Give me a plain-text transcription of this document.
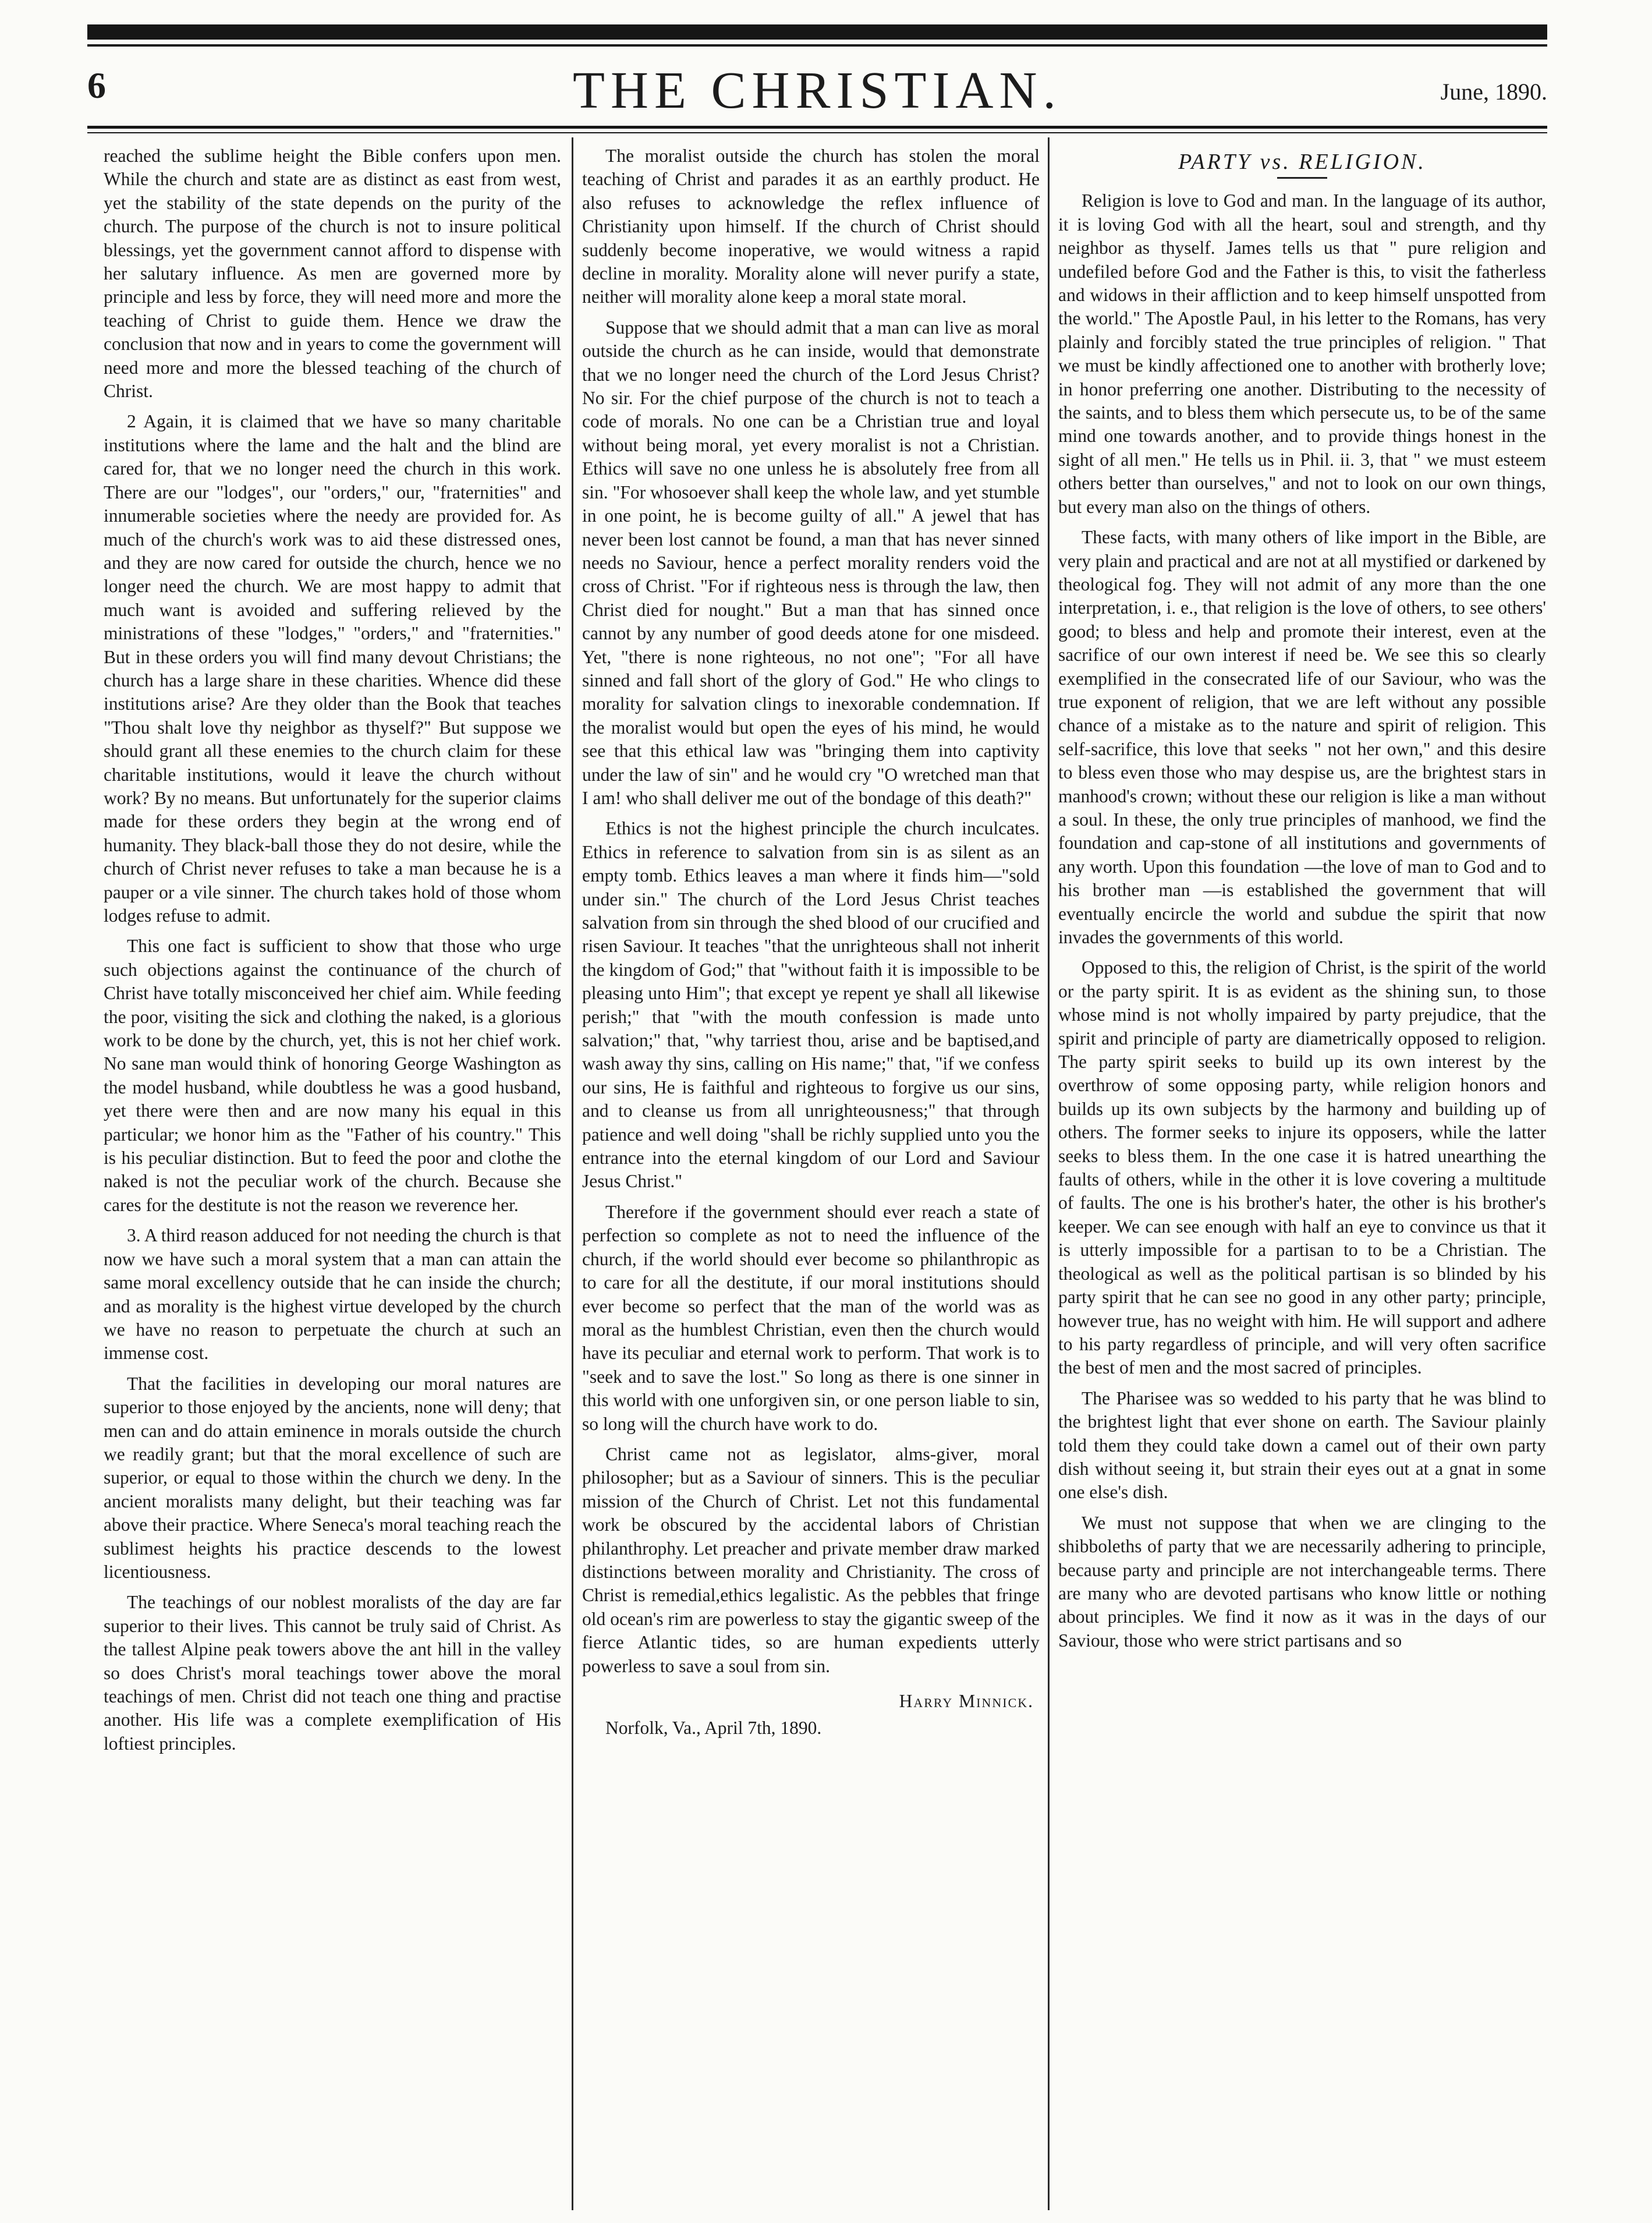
6	THE CHRISTIAN.	June, 1890.

reached the sublime height the Bible confers upon men. While the church and state are as distinct as east from west, yet the stability of the state depends on the purity of the church. The purpose of the church is not to insure political blessings, yet the government cannot afford to dispense with her salutary influence. As men are governed more by principle and less by force, they will need more and more the teaching of Christ to guide them. Hence we draw the conclusion that now and in years to come the government will need more and more the blessed teaching of the church of Christ.

2 Again, it is claimed that we have so many charitable institutions where the lame and the halt and the blind are cared for, that we no longer need the church in this work. There are our "lodges", our "orders," our, "fraternities" and innumerable societies where the needy are provided for. As much of the church's work was to aid these distressed ones, and they are now cared for outside the church, hence we no longer need the church. We are most happy to admit that much want is avoided and suffering relieved by the ministrations of these "lodges," "orders," and "fraternities." But in these orders you will find many devout Christians; the church has a large share in these charities. Whence did these institutions arise? Are they older than the Book that teaches "Thou shalt love thy neighbor as thyself?" But suppose we should grant all these enemies to the church claim for these charitable institutions, would it leave the church without work? By no means. But unfortunately for the superior claims made for these orders they begin at the wrong end of humanity. They black-ball those they do not desire, while the church of Christ never refuses to take a man because he is a pauper or a vile sinner. The church takes hold of those whom lodges refuse to admit.

This one fact is sufficient to show that those who urge such objections against the continuance of the church of Christ have totally misconceived her chief aim. While feeding the poor, visiting the sick and clothing the naked, is a glorious work to be done by the church, yet, this is not her chief work. No sane man would think of honoring George Washington as the model husband, while doubtless he was a good husband, yet there were then and are now many his equal in this particular; we honor him as the "Father of his country." This is his peculiar distinction. But to feed the poor and clothe the naked is not the peculiar work of the church. Because she cares for the destitute is not the reason we reverence her.

3. A third reason adduced for not needing the church is that now we have such a moral system that a man can attain the same moral excellency outside that he can inside the church; and as morality is the highest virtue developed by the church we have no reason to perpetuate the church at such an immense cost.

That the facilities in developing our moral natures are superior to those enjoyed by the ancients, none will deny; that men can and do attain eminence in morals outside the church we readily grant; but that the moral excellence of such are superior, or equal to those within the church we deny. In the ancient moralists many delight, but their teaching was far above their practice. Where Seneca's moral teaching reach the sublimest heights his practice descends to the lowest licentiousness.

The teachings of our noblest moralists of the day are far superior to their lives. This cannot be truly said of Christ. As the tallest Alpine peak towers above the ant hill in the valley so does Christ's moral teachings tower above the moral teachings of men. Christ did not teach one thing and practise another. His life was a complete exemplification of His loftiest principles.

The moralist outside the church has stolen the moral teaching of Christ and parades it as an earthly product. He also refuses to acknowledge the reflex influence of Christianity upon himself. If the church of Christ should suddenly become inoperative, we would witness a rapid decline in morality. Morality alone will never purify a state, neither will morality alone keep a moral state moral.

Suppose that we should admit that a man can live as moral outside the church as he can inside, would that demonstrate that we no longer need the church of the Lord Jesus Christ? No sir. For the chief purpose of the church is not to teach a code of morals. No one can be a Christian true and loyal without being moral, yet every moralist is not a Christian. Ethics will save no one unless he is absolutely free from all sin. "For whosoever shall keep the whole law, and yet stumble in one point, he is become guilty of all." A jewel that has never been lost cannot be found, a man that has never sinned needs no Saviour, hence a perfect morality renders void the cross of Christ. "For if righteous ness is through the law, then Christ died for nought." But a man that has sinned once cannot by any number of good deeds atone for one misdeed. Yet, "there is none righteous, no not one"; "For all have sinned and fall short of the glory of God." He who clings to morality for salvation clings to inexorable condemnation. If the moralist would but open the eyes of his mind, he would see that this ethical law was "bringing them into captivity under the law of sin" and he would cry "O wretched man that I am! who shall deliver me out of the bondage of this death?"

Ethics is not the highest principle the church inculcates. Ethics in reference to salvation from sin is as silent as an empty tomb. Ethics leaves a man where it finds him—"sold under sin." The church of the Lord Jesus Christ teaches salvation from sin through the shed blood of our crucified and risen Saviour. It teaches "that the unrighteous shall not inherit the kingdom of God;" that "without faith it is impossible to be pleasing unto Him"; that except ye repent ye shall all likewise perish;" that "with the mouth confession is made unto salvation;" that, "why tarriest thou, arise and be baptised,and wash away thy sins, calling on His name;" that, "if we confess our sins, He is faithful and righteous to forgive us our sins, and to cleanse us from all unrighteousness;" that through patience and well doing "shall be richly supplied unto you the entrance into the eternal kingdom of our Lord and Saviour Jesus Christ."

Therefore if the government should ever reach a state of perfection so complete as not to need the influence of the church, if the world should ever become so philanthropic as to care for all the destitute, if our moral institutions should ever become so perfect that the man of the world was as moral as the humblest Christian, even then the church would have its peculiar and eternal work to perform. That work is to "seek and to save the lost." So long as there is one sinner in this world with one unforgiven sin, or one person liable to sin, so long will the church have work to do.

Christ came not as legislator, alms-giver, moral philosopher; but as a Saviour of sinners. This is the peculiar mission of the Church of Christ. Let not this fundamental work be obscured by the accidental labors of Christian philanthrophy. Let preacher and private member draw marked distinctions between morality and Christianity. The cross of Christ is remedial,ethics legalistic. As the pebbles that fringe old ocean's rim are powerless to stay the gigantic sweep of the fierce Atlantic tides, so are human expedients utterly powerless to save a soul from sin.

Harry Minnick.
Norfolk, Va., April 7th, 1890.
PARTY vs. RELIGION.

Religion is love to God and man. In the language of its author, it is loving God with all the heart, soul and strength, and thy neighbor as thyself. James tells us that " pure religion and undefiled before God and the Father is this, to visit the fatherless and widows in their affliction and to keep himself unspotted from the world." The Apostle Paul, in his letter to the Romans, has very plainly and forcibly stated the true principles of religion. " That we must be kindly affectioned one to another with brotherly love; in honor preferring one another. Distributing to the necessity of the saints, and to bless them which persecute us, to be of the same mind one towards another, and to provide things honest in the sight of all men." He tells us in Phil. ii. 3, that " we must esteem others better than ourselves," and not to look on our own things, but every man also on the things of others.

These facts, with many others of like import in the Bible, are very plain and practical and are not at all mystified or darkened by theological fog. They will not admit of any more than the one interpretation, i. e., that religion is the love of others, to see others' good; to bless and help and promote their interest, even at the sacrifice of our own interest if need be. We see this so clearly exemplified in the consecrated life of our Saviour, who was the true exponent of religion, that we are left without any possible chance of a mistake as to the nature and spirit of religion. This self-sacrifice, this love that seeks " not her own," and this desire to bless even those who may despise us, are the brightest stars in manhood's crown; without these our religion is like a man without a soul. In these, the only true principles of manhood, we find the foundation and cap-stone of all institutions and governments of any worth. Upon this foundation —the love of man to God and to his brother man —is established the government that will eventually encircle the world and subdue the spirit that now invades the governments of this world.

Opposed to this, the religion of Christ, is the spirit of the world or the party spirit. It is as evident as the shining sun, to those whose mind is not wholly impaired by party prejudice, that the spirit and principle of party are diametrically opposed to religion. The party spirit seeks to build up its own interest by the overthrow of some opposing party, while religion honors and builds up its own subjects by the harmony and building up of others. The former seeks to injure its opposers, while the latter seeks to bless them. In the one case it is hatred unearthing the faults of others, while in the other it is love covering a multitude of faults. The one is his brother's hater, the other is his brother's keeper. We can see enough with half an eye to convince us that it is utterly impossible for a partisan to to be a Christian. The theological as well as the political partisan is so blinded by his party spirit that he can see no good in any other party; principle, however true, has no weight with him. He will support and adhere to his party regardless of principle, and will very often sacrifice the best of men and the most sacred of principles.

The Pharisee was so wedded to his party that he was blind to the brightest light that ever shone on earth. The Saviour plainly told them they could take down a camel out of their own party dish without seeing it, but strain their eyes out at a gnat in some one else's dish.

We must not suppose that when we are clinging to the shibboleths of party that we are necessarily adhering to principle, because party and principle are not interchangeable terms. There are many who are devoted partisans who know little or nothing about principles. We find it now as it was in the days of our Saviour, those who were strict partisans and so
